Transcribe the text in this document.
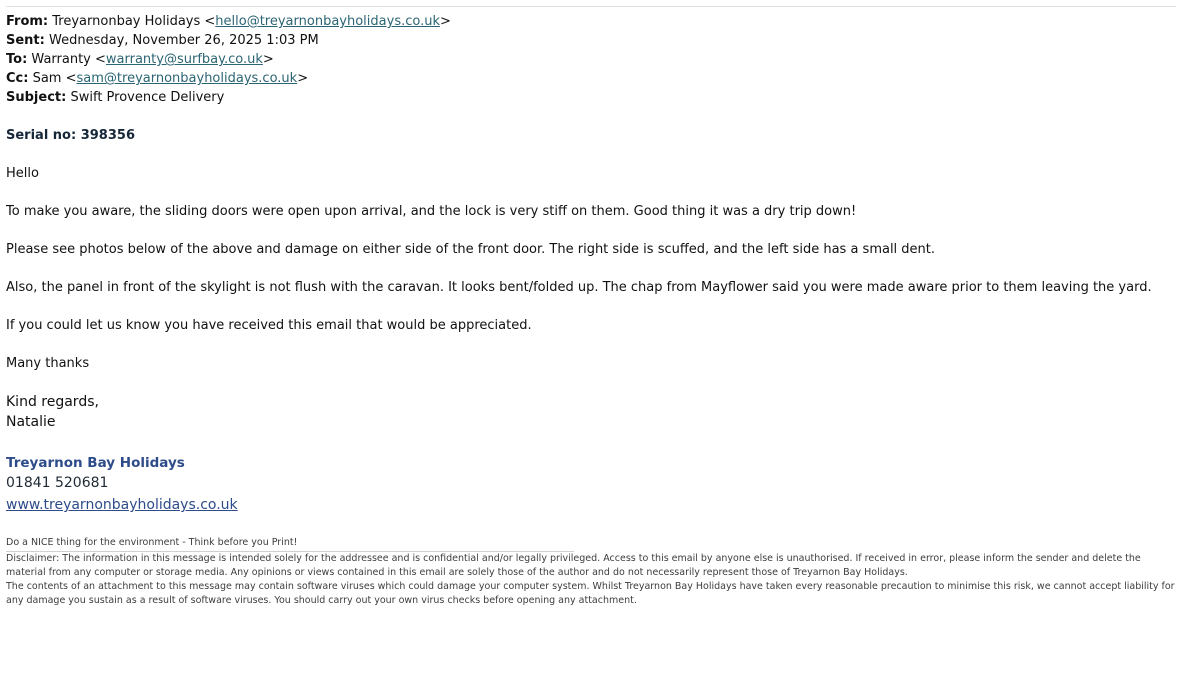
From: Treyarnonbay Holidays <hello@treyarnonbayholidays.co.uk>
Sent: Wednesday, November 26, 2025 1:03 PM
To: Warranty <warranty@surfbay.co.uk>
Cc: Sam <sam@treyarnonbayholidays.co.uk>
Subject: Swift Provence Delivery

Serial no: 398356

Hello

To make you aware, the sliding doors were open upon arrival, and the lock is very stiff on them. Good thing it was a dry trip down!

Please see photos below of the above and damage on either side of the front door. The right side is scuffed, and the left side has a small dent.

Also, the panel in front of the skylight is not flush with the caravan. It looks bent/folded up. The chap from Mayflower said you were made aware prior to them leaving the yard.

If you could let us know you have received this email that would be appreciated.

Many thanks

Kind regards,

Natalie

Treyarnon Bay Holidays
01841 520681
www.treyarnonbayholidays.co.uk
Do a NICE thing for the environment - Think before you Print!

Disclaimer: The information in this message is intended solely for the addressee and is confidential and/or legally privileged. Access to this email by anyone else is unauthorised. If received in error, please inform the sender and delete the material from any computer or storage media. Any opinions or views contained in this email are solely those of the author and do not necessarily represent those of Treyarnon Bay Holidays.

The contents of an attachment to this message may contain software viruses which could damage your computer system. Whilst Treyarnon Bay Holidays have taken every reasonable precaution to minimise this risk, we cannot accept liability for any damage you sustain as a result of software viruses. You should carry out your own virus checks before opening any attachment.
